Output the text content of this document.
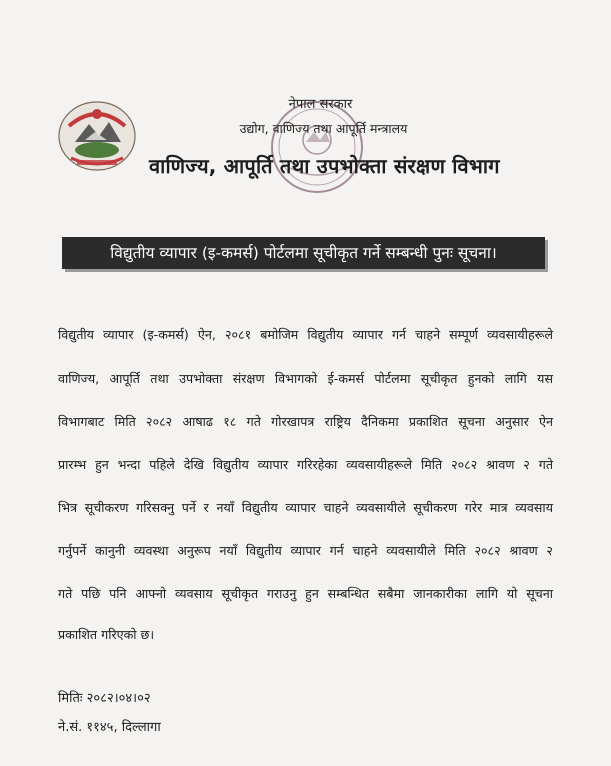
नेपाल सरकार
उद्योग, वाणिज्य तथा आपूर्ति मन्त्रालय
वाणिज्य, आपूर्ति तथा उपभोक्ता संरक्षण विभाग
विद्युतीय व्यापार (इ-कमर्स) पोर्टलमा सूचीकृत गर्ने सम्बन्धी पुनः सूचना।
विद्युतीय व्यापार (इ-कमर्स) ऐन, २०८१ बमोजिम विद्युतीय व्यापार गर्न चाहने सम्पूर्ण व्यवसायीहरूले
वाणिज्य, आपूर्ति तथा उपभोक्ता संरक्षण विभागको ई-कमर्स पोर्टलमा सूचीकृत हुनको लागि यस
विभागबाट मिति २०८२ आषाढ १८ गते गोरखापत्र राष्ट्रिय दैनिकमा प्रकाशित सूचना अनुसार ऐन
प्रारम्भ हुन भन्दा पहिले देखि विद्युतीय व्यापार गरिरहेका व्यवसायीहरूले मिति २०८२ श्रावण २ गते
भित्र सूचीकरण गरिसक्नु पर्ने र नयाँ विद्युतीय व्यापार चाहने व्यवसायीले सूचीकरण गरेर मात्र व्यवसाय
गर्नुपर्ने कानुनी व्यवस्था अनुरूप नयाँ विद्युतीय व्यापार गर्न चाहने व्यवसायीले मिति २०८२ श्रावण २
गते पछि पनि आफ्नो व्यवसाय सूचीकृत गराउनु हुन सम्बन्धित सबैमा जानकारीका लागि यो सूचना
प्रकाशित गरिएको छ।
मितिः २०८२।०४।०२
ने.सं. ११४५, दिल्लागा
